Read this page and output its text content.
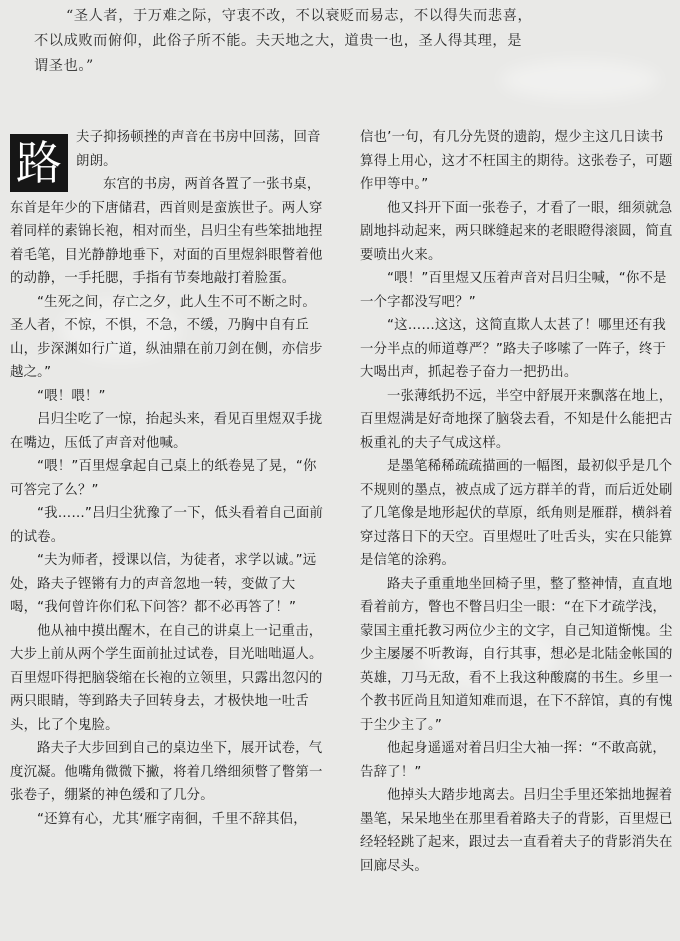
“圣人者，于万难之际，守衷不改，不以衰贬而易志，不以得失而悲喜，

不以成败而俯仰，此俗子所不能。夫天地之大，道贵一也，圣人得其理，是

谓圣也。”

路	夫子抑扬顿挫的声音在书房中回荡，回音朗朗。

东宫的书房，两首各置了一张书桌，东首是年少的下唐储君，西首则是蛮族世子。两人穿着同样的素锦长袍，相对而坐，吕归尘有些笨拙地捏着毛笔，目光静静地垂下，对面的百里煜斜眼瞥着他的动静，一手托腮，手指有节奏地敲打着脸蛋。

“生死之间，存亡之夕，此人生不可不断之时。圣人者，不惊，不惧，不急，不缓，乃胸中自有丘山，步深渊如行广道，纵油鼎在前刀剑在侧，亦信步越之。”

“喂！喂！”

吕归尘吃了一惊，抬起头来，看见百里煜双手拢在嘴边，压低了声音对他喊。

“喂！”百里煜拿起自己桌上的纸卷晃了晃，“你可答完了么？”

“我……”吕归尘犹豫了一下，低头看着自己面前的试卷。

“夫为师者，授课以信，为徒者，求学以诚。”远处，路夫子铿锵有力的声音忽地一转，变做了大喝，“我何曾许你们私下问答？都不必再答了！”

他从袖中摸出醒木，在自己的讲桌上一记重击，大步上前从两个学生面前扯过试卷，目光咄咄逼人。百里煜吓得把脑袋缩在长袍的立领里，只露出忽闪的两只眼睛，等到路夫子回转身去，才极快地一吐舌头，比了个鬼脸。

路夫子大步回到自己的桌边坐下，展开试卷，气度沉凝。他嘴角微微下撇，将着几绺细须瞥了瞥第一张卷子，绷紧的神色缓和了几分。

“还算有心，尤其‘雁字南徊，千里不辞其侣，

信也’一句，有几分先贤的遗韵，煜少主这几日读书算得上用心，这才不枉国主的期待。这张卷子，可题作甲等中。”

他又抖开下面一张卷子，才看了一眼，细须就急剧地抖动起来，两只眯缝起来的老眼瞪得滚圆，简直要喷出火来。

“喂！”百里煜又压着声音对吕归尘喊，“你不是一个字都没写吧？”

“这……这这，这简直欺人太甚了！哪里还有我一分半点的师道尊严？”路夫子哆嗦了一阵子，终于大喝出声，抓起卷子奋力一把扔出。

一张薄纸扔不远，半空中舒展开来飘落在地上，百里煜满是好奇地探了脑袋去看，不知是什么能把古板重礼的夫子气成这样。

是墨笔稀稀疏疏描画的一幅图，最初似乎是几个不规则的墨点，被点成了远方群羊的背，而后近处刷了几笔像是地形起伏的草原，纸角则是雁群，横斜着穿过落日下的天空。百里煜吐了吐舌头，实在只能算是信笔的涂鸦。

路夫子重重地坐回椅子里，整了整神情，直直地看着前方，瞥也不瞥吕归尘一眼：“在下才疏学浅，蒙国主重托教习两位少主的文字，自己知道惭愧。尘少主屡屡不听教诲，自行其事，想必是北陆金帐国的英雄，刀马无敌，看不上我这种酸腐的书生。乡里一个教书匠尚且知道知难而退，在下不辞馆，真的有愧于尘少主了。”

他起身遥遥对着吕归尘大袖一挥：“不敢高就，告辞了！”

他掉头大踏步地离去。吕归尘手里还笨拙地握着墨笔，呆呆地坐在那里看着路夫子的背影，百里煜已经轻轻跳了起来，跟过去一直看着夫子的背影消失在回廊尽头。
